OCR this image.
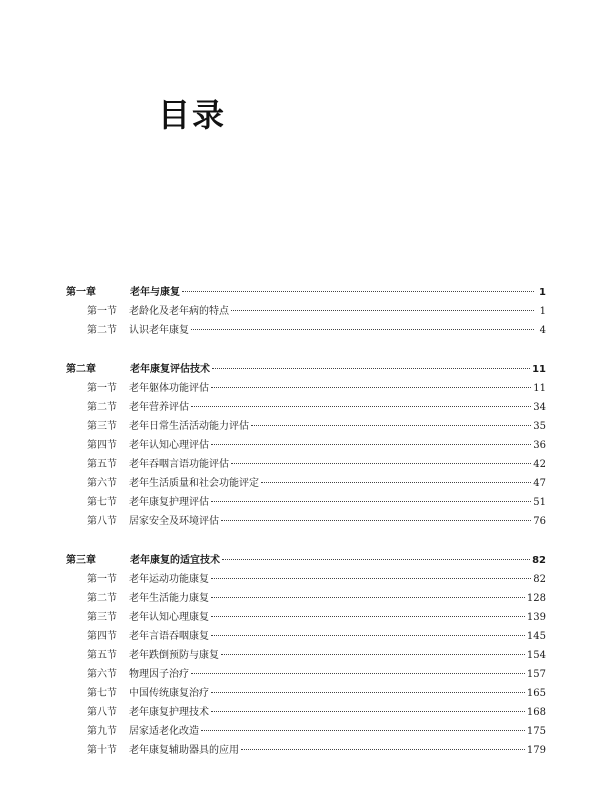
目录
第一章	老年与康复	1
第一节	老龄化及老年病的特点	1
第二节	认识老年康复	4
第二章	老年康复评估技术	11
第一节	老年躯体功能评估	11
第二节	老年营养评估	34
第三节	老年日常生活活动能力评估	35
第四节	老年认知心理评估	36
第五节	老年吞咽言语功能评估	42
第六节	老年生活质量和社会功能评定	47
第七节	老年康复护理评估	51
第八节	居家安全及环境评估	76
第三章	老年康复的适宜技术	82
第一节	老年运动功能康复	82
第二节	老年生活能力康复	128
第三节	老年认知心理康复	139
第四节	老年言语吞咽康复	145
第五节	老年跌倒预防与康复	154
第六节	物理因子治疗	157
第七节	中国传统康复治疗	165
第八节	老年康复护理技术	168
第九节	居家适老化改造	175
第十节	老年康复辅助器具的应用	179
